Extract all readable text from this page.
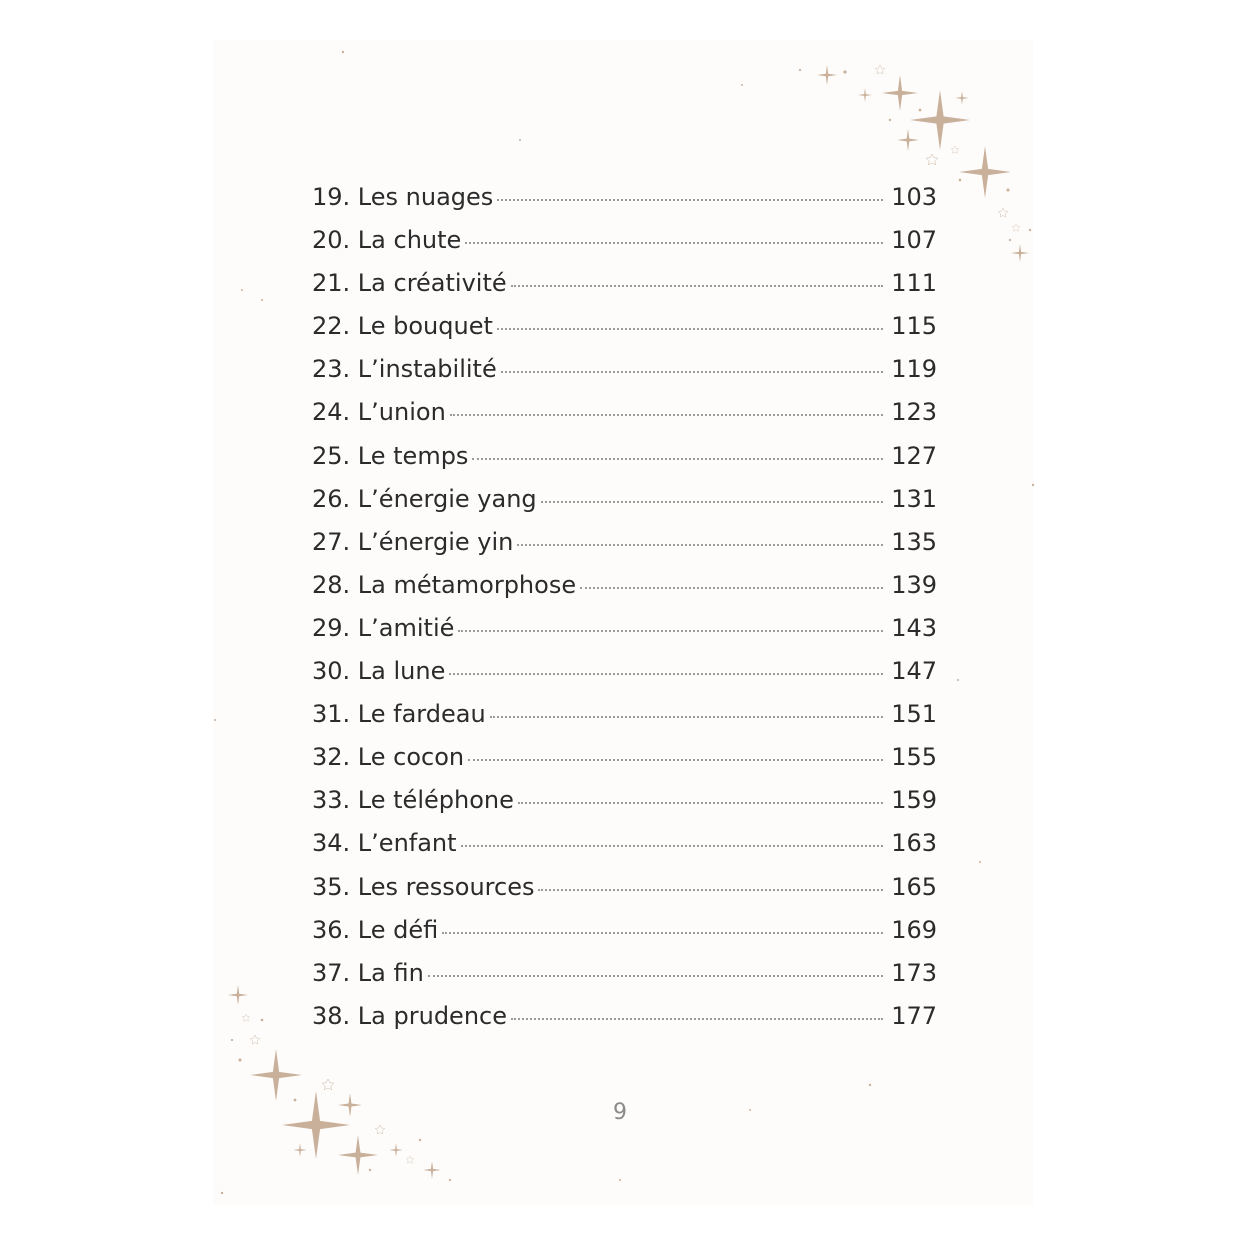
19. Les nuages	103
20. La chute	107
21. La créativité	111
22. Le bouquet	115
23. L’instabilité	119
24. L’union	123
25. Le temps	127
26. L’énergie yang	131
27. L’énergie yin	135
28. La métamorphose	139
29. L’amitié	143
30. La lune	147
31. Le fardeau	151
32. Le cocon	155
33. Le téléphone	159
34. L’enfant	163
35. Les ressources	165
36. Le défi	169
37. La fin	173
38. La prudence	177
9
